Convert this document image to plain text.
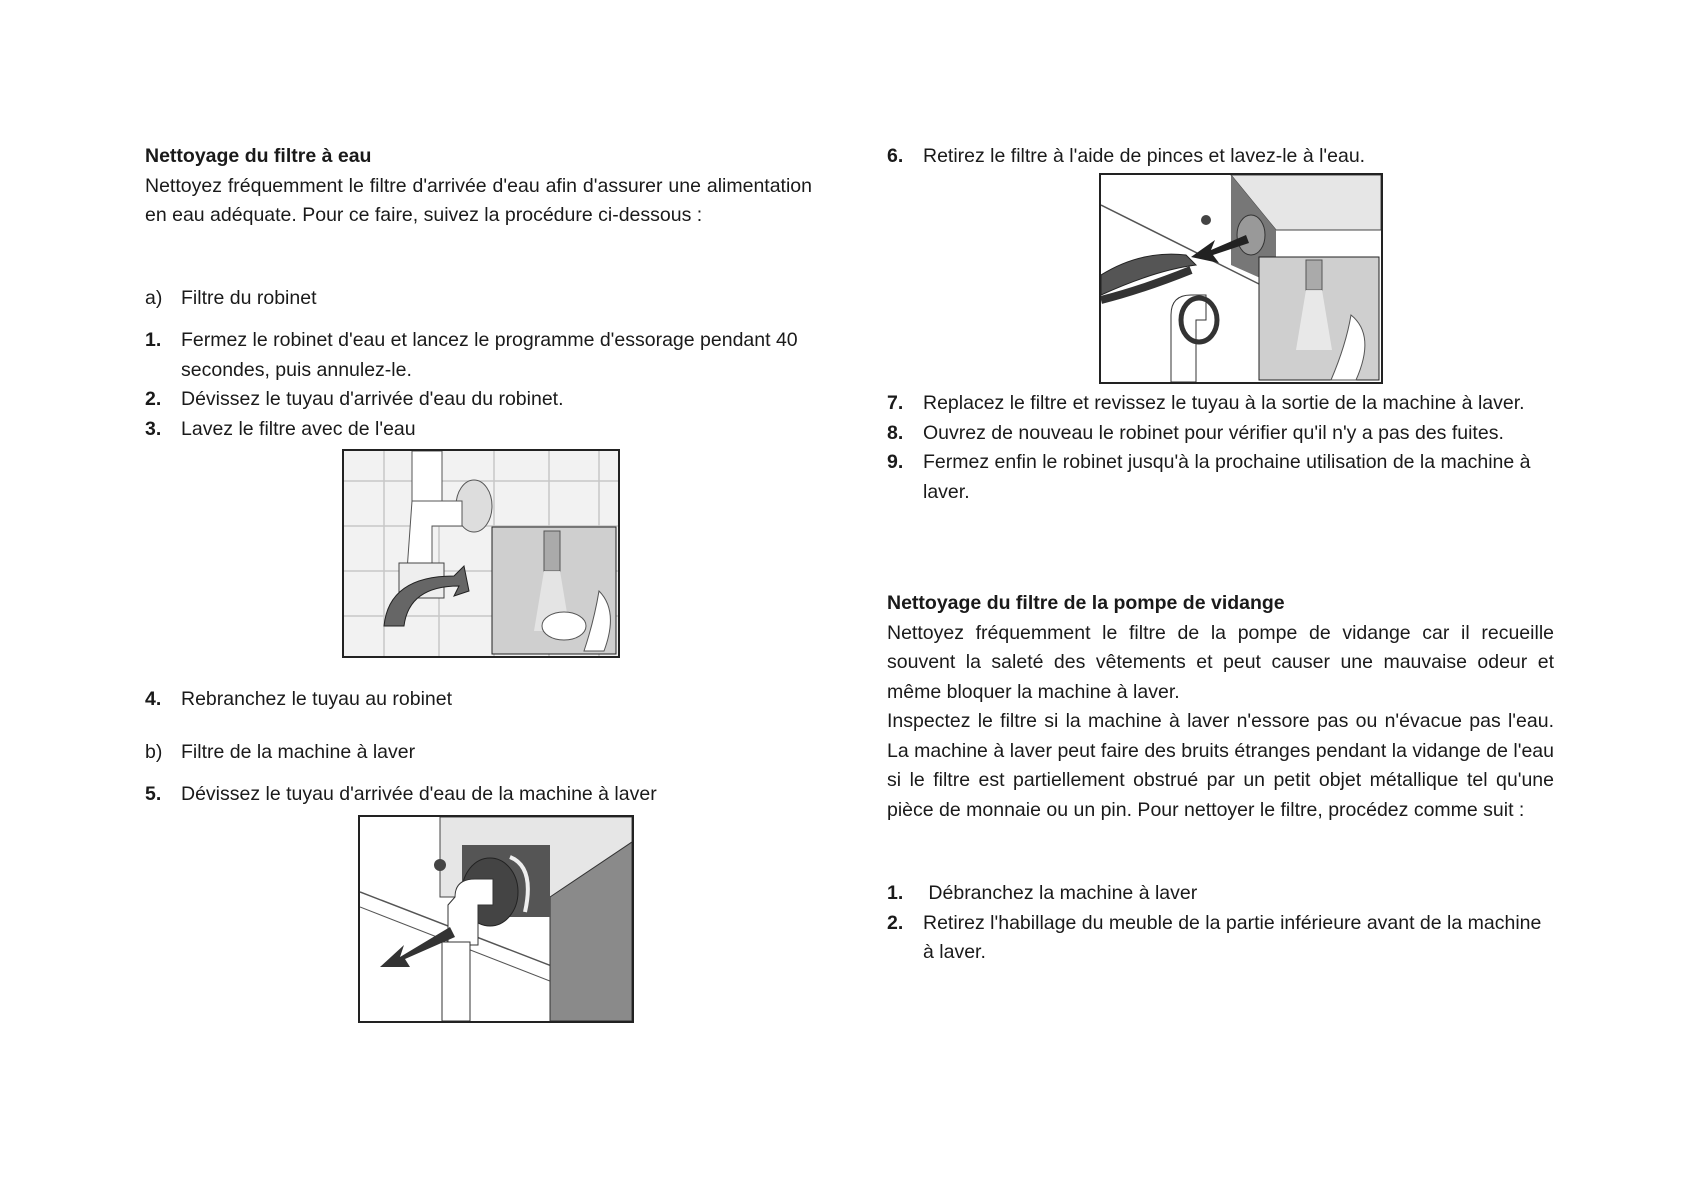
Nettoyage du filtre à eau

Nettoyez fréquemment le filtre d'arrivée d'eau afin d'assurer une alimentation en eau adéquate. Pour ce faire, suivez la procédure ci-dessous :

a) Filtre du robinet
1. Fermez le robinet d'eau et lancez le programme d'essorage pendant 40 secondes, puis annulez-le.
2. Dévissez le tuyau d'arrivée d'eau du robinet.
3. Lavez le filtre avec de l'eau
4. Rebranchez le tuyau au robinet
b) Filtre de la machine à laver
5. Dévissez le tuyau d'arrivée d'eau de la machine à laver
6. Retirez le filtre à l'aide de pinces et lavez-le à l'eau.
7. Replacez le filtre et revissez le tuyau à la sortie de la machine à laver.
8. Ouvrez de nouveau le robinet pour vérifier qu'il n'y a pas des fuites.
9. Fermez enfin le robinet jusqu'à la prochaine utilisation de la machine à laver.
Nettoyage du filtre de la pompe de vidange

Nettoyez fréquemment le filtre de la pompe de vidange car il recueille souvent la saleté des vêtements et peut causer une mauvaise odeur et même bloquer la machine à laver.

Inspectez le filtre si la machine à laver n'essore pas ou n'évacue pas l'eau. La machine à laver peut faire des bruits étranges pendant la vidange de l'eau si le filtre est partiellement obstrué par un petit objet métallique tel qu'une pièce de monnaie ou un pin. Pour nettoyer le filtre, procédez comme suit :

1. Débranchez la machine à laver
2. Retirez l'habillage du meuble de la partie inférieure avant de la machine à laver.
